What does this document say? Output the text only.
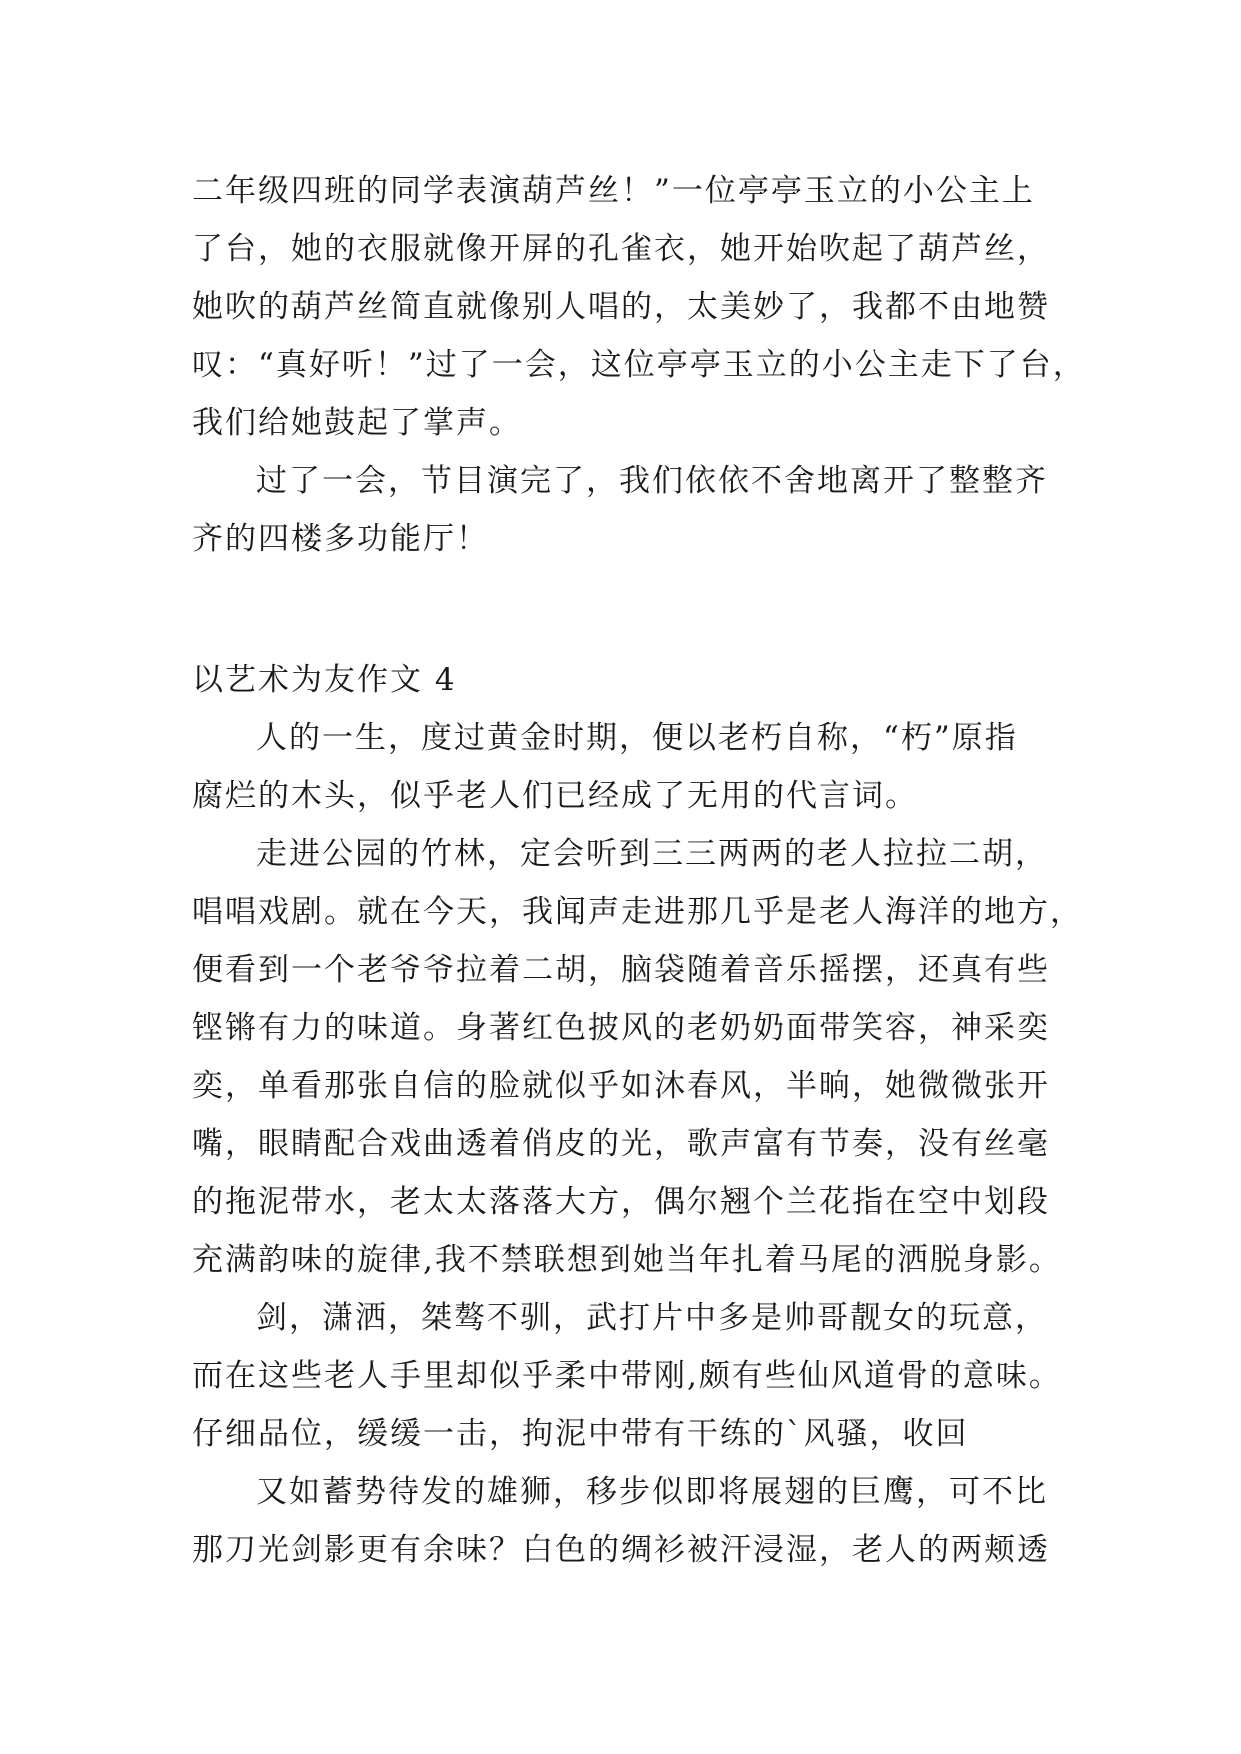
二年级四班的同学表演葫芦丝！”一位亭亭玉立的小公主上
了台，她的衣服就像开屏的孔雀衣，她开始吹起了葫芦丝，
她吹的葫芦丝简直就像别人唱的，太美妙了，我都不由地赞
叹：“真好听！”过了一会，这位亭亭玉立的小公主走下了台，
我们给她鼓起了掌声。
过了一会，节目演完了，我们依依不舍地离开了整整齐
齐的四楼多功能厅！
以艺术为友作文 4
人的一生，度过黄金时期，便以老朽自称，“朽”原指
腐烂的木头，似乎老人们已经成了无用的代言词。
走进公园的竹林，定会听到三三两两的老人拉拉二胡，
唱唱戏剧。就在今天，我闻声走进那几乎是老人海洋的地方，
便看到一个老爷爷拉着二胡，脑袋随着音乐摇摆，还真有些
铿锵有力的味道。身著红色披风的老奶奶面带笑容，神采奕
奕，单看那张自信的脸就似乎如沐春风，半晌，她微微张开
嘴，眼睛配合戏曲透着俏皮的光，歌声富有节奏，没有丝毫
的拖泥带水，老太太落落大方，偶尔翘个兰花指在空中划段
充满韵味的旋律,我不禁联想到她当年扎着马尾的洒脱身影。
剑，潇洒，桀骜不驯，武打片中多是帅哥靓女的玩意，
而在这些老人手里却似乎柔中带刚,颇有些仙风道骨的意味。
仔细品位，缓缓一击，拘泥中带有干练的`风骚，收回
又如蓄势待发的雄狮，移步似即将展翅的巨鹰，可不比
那刀光剑影更有余味？白色的绸衫被汗浸湿，老人的两颊透
